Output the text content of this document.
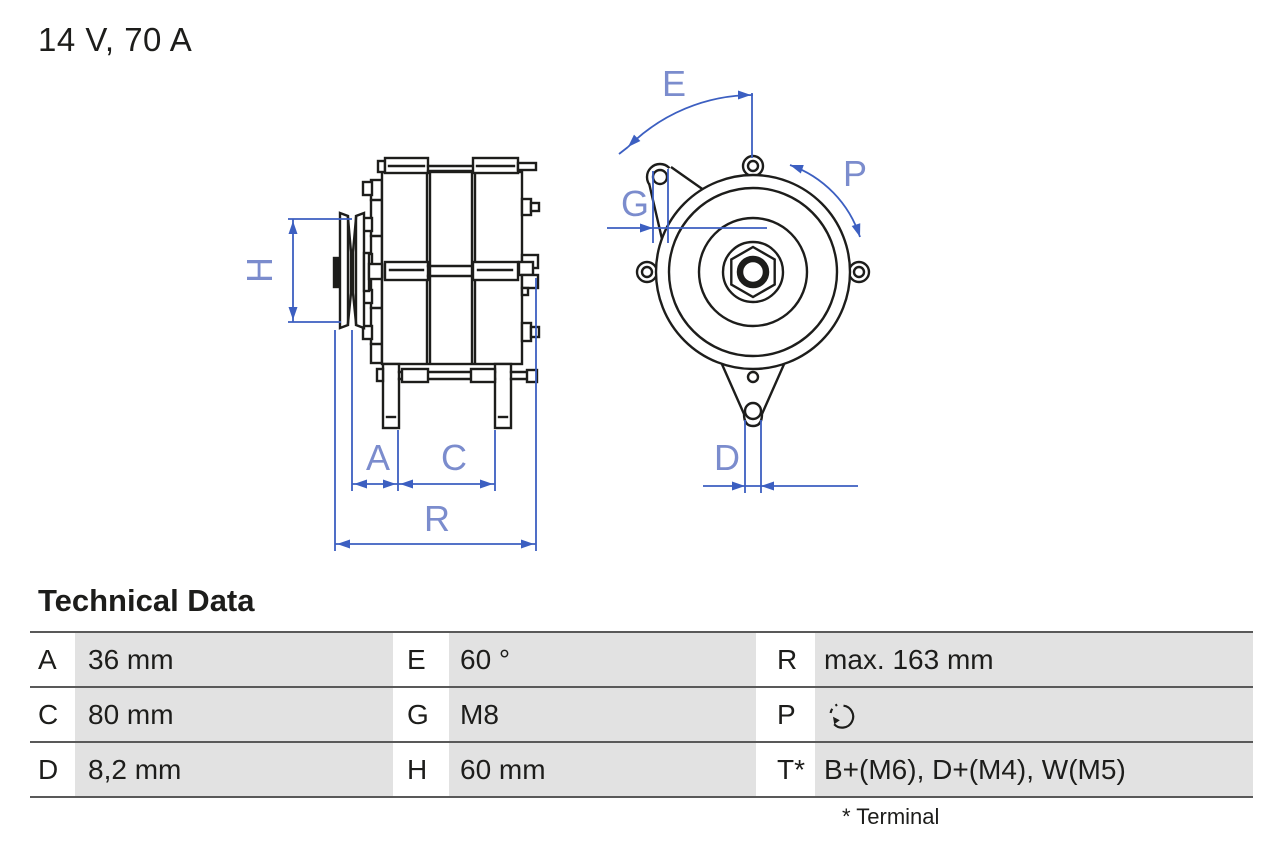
14 V, 70 A
H
A C
R
E
G
P
D
Technical Data
A 36 mm	E 60 °	R max. 163 mm
C 80 mm	G M8	P
D 8,2 mm	H 60 mm	T* B+(M6), D+(M4), W(M5)
* Terminal
